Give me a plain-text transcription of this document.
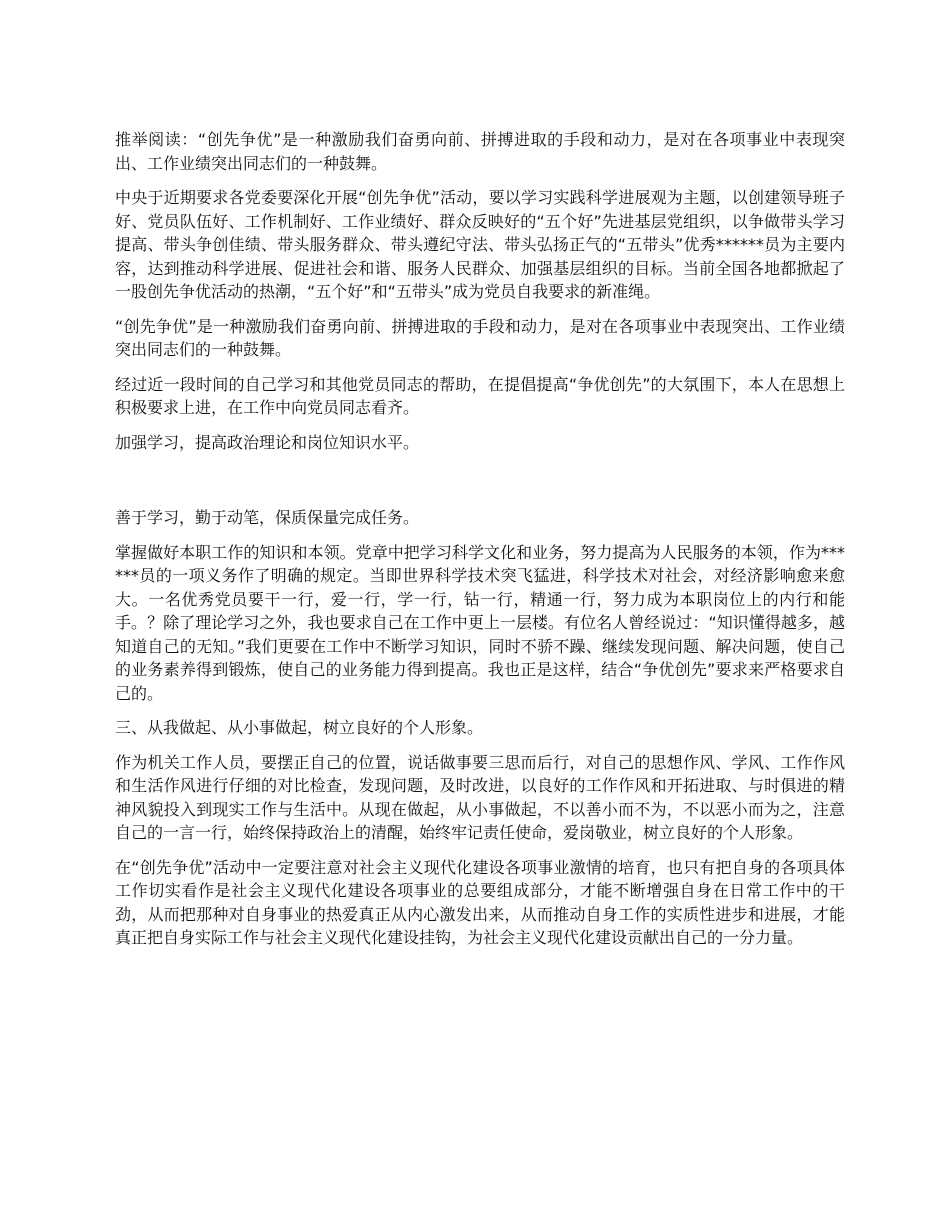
推举阅读：“创先争优”是一种激励我们奋勇向前、拼搏进取的手段和动力，是对在各项事业中表现突出、工作业绩突出同志们的一种鼓舞。

中央于近期要求各党委要深化开展“创先争优”活动，要以学习实践科学进展观为主题，以创建领导班子好、党员队伍好、工作机制好、工作业绩好、群众反映好的“五个好”先进基层党组织，以争做带头学习提高、带头争创佳绩、带头服务群众、带头遵纪守法、带头弘扬正气的“五带头”优秀******员为主要内容，达到推动科学进展、促进社会和谐、服务人民群众、加强基层组织的目标。当前全国各地都掀起了一股创先争优活动的热潮，“五个好”和“五带头”成为党员自我要求的新准绳。

“创先争优”是一种激励我们奋勇向前、拼搏进取的手段和动力，是对在各项事业中表现突出、工作业绩突出同志们的一种鼓舞。

经过近一段时间的自己学习和其他党员同志的帮助，在提倡提高“争优创先”的大氛围下，本人在思想上积极要求上进，在工作中向党员同志看齐。

加强学习，提高政治理论和岗位知识水平。

善于学习，勤于动笔，保质保量完成任务。

掌握做好本职工作的知识和本领。党章中把学习科学文化和业务，努力提高为人民服务的本领，作为******员的一项义务作了明确的规定。当即世界科学技术突飞猛进，科学技术对社会，对经济影响愈来愈大。一名优秀党员要干一行，爱一行，学一行，钻一行，精通一行，努力成为本职岗位上的内行和能手。？除了理论学习之外，我也要求自己在工作中更上一层楼。有位名人曾经说过：“知识懂得越多，越知道自己的无知。”我们更要在工作中不断学习知识，同时不骄不躁、继续发现问题、解决问题，使自己的业务素养得到锻炼，使自己的业务能力得到提高。我也正是这样，结合“争优创先”要求来严格要求自己的。

三、从我做起、从小事做起，树立良好的个人形象。

作为机关工作人员，要摆正自己的位置，说话做事要三思而后行，对自己的思想作风、学风、工作作风和生活作风进行仔细的对比检查，发现问题，及时改进，以良好的工作作风和开拓进取、与时俱进的精神风貌投入到现实工作与生活中。从现在做起，从小事做起，不以善小而不为，不以恶小而为之，注意自己的一言一行，始终保持政治上的清醒，始终牢记责任使命，爱岗敬业，树立良好的个人形象。

在“创先争优”活动中一定要注意对社会主义现代化建设各项事业激情的培育，也只有把自身的各项具体工作切实看作是社会主义现代化建设各项事业的总要组成部分，才能不断增强自身在日常工作中的干劲，从而把那种对自身事业的热爱真正从内心激发出来，从而推动自身工作的实质性进步和进展，才能真正把自身实际工作与社会主义现代化建设挂钩，为社会主义现代化建设贡献出自己的一分力量。
